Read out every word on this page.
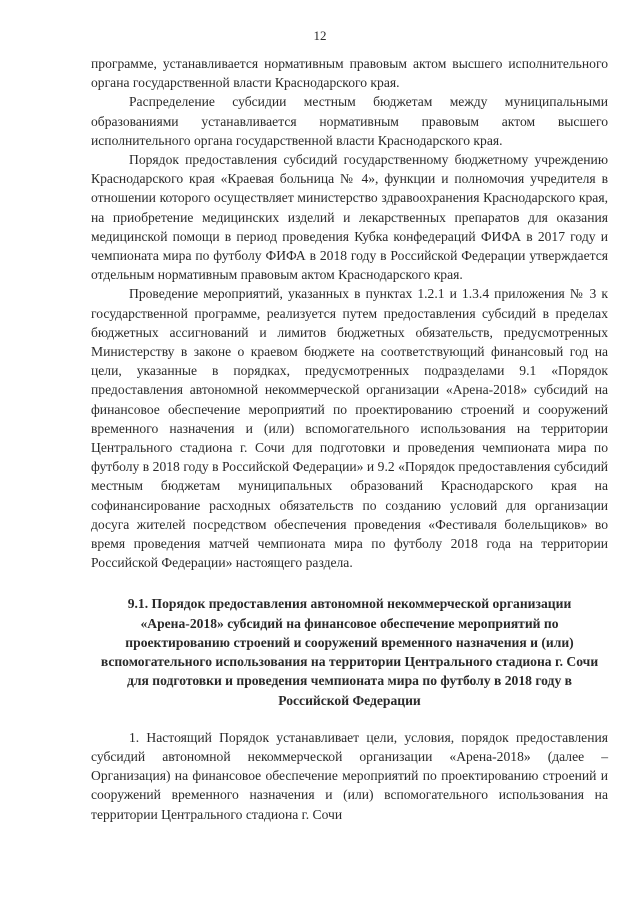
12

программе, устанавливается нормативным правовым актом высшего исполнительного органа государственной власти Краснодарского края.

Распределение субсидии местным бюджетам между муниципальными образованиями устанавливается нормативным правовым актом высшего исполнительного органа государственной власти Краснодарского края.

Порядок предоставления субсидий государственному бюджетному учреждению Краснодарского края «Краевая больница № 4», функции и полномочия учредителя в отношении которого осуществляет министерство здравоохранения Краснодарского края, на приобретение медицинских изделий и лекарственных препаратов для оказания медицинской помощи в период проведения Кубка конфедераций ФИФА в 2017 году и чемпионата мира по футболу ФИФА в 2018 году в Российской Федерации утверждается отдельным нормативным правовым актом Краснодарского края.

Проведение мероприятий, указанных в пунктах 1.2.1 и 1.3.4 приложения № 3 к государственной программе, реализуется путем предоставления субсидий в пределах бюджетных ассигнований и лимитов бюджетных обязательств, предусмотренных Министерству в законе о краевом бюджете на соответствующий финансовый год на цели, указанные в порядках, предусмотренных подразделами 9.1 «Порядок предоставления автономной некоммерческой организации «Арена-2018» субсидий на финансовое обеспечение мероприятий по проектированию строений и сооружений временного назначения и (или) вспомогательного использования на территории Центрального стадиона г. Сочи для подготовки и проведения чемпионата мира по футболу в 2018 году в Российской Федерации» и 9.2 «Порядок предоставления субсидий местным бюджетам муниципальных образований Краснодарского края на софинансирование расходных обязательств по созданию условий для организации досуга жителей посредством обеспечения проведения «Фестиваля болельщиков» во время проведения матчей чемпионата мира по футболу 2018 года на территории Российской Федерации» настоящего раздела.

9.1. Порядок предоставления автономной некоммерческой организации «Арена-2018» субсидий на финансовое обеспечение мероприятий по проектированию строений и сооружений временного назначения и (или) вспомогательного использования на территории Центрального стадиона г. Сочи для подготовки и проведения чемпионата мира по футболу в 2018 году в Российской Федерации

1. Настоящий Порядок устанавливает цели, условия, порядок предоставления субсидий автономной некоммерческой организации «Арена-2018» (далее – Организация) на финансовое обеспечение мероприятий по проектированию строений и сооружений временного назначения и (или) вспомогательного использования на территории Центрального стадиона г. Сочи
